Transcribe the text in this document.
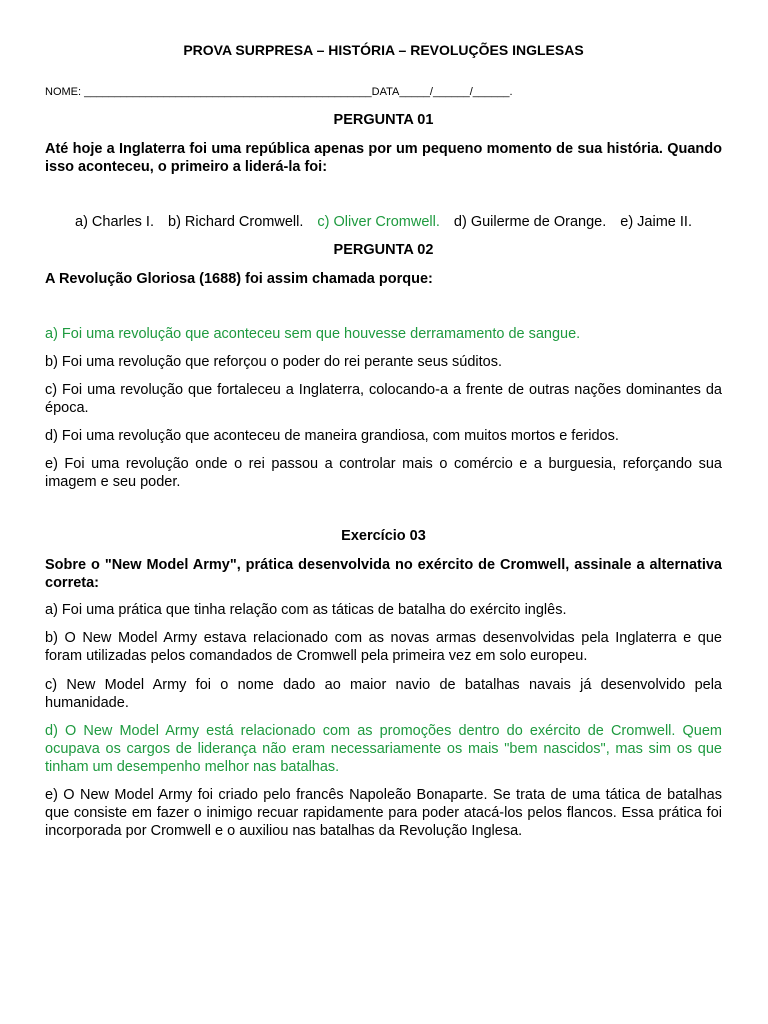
PROVA SURPRESA – HISTÓRIA – REVOLUÇÕES INGLESAS
NOME: _______________________________________________DATA_____/______/______.
PERGUNTA 01
Até hoje a Inglaterra foi uma república apenas por um pequeno momento de sua história. Quando isso aconteceu, o primeiro a liderá-la foi:
a) Charles I. b) Richard Cromwell. c) Oliver Cromwell. d) Guilerme de Orange. e) Jaime II.
PERGUNTA 02
A Revolução Gloriosa (1688) foi assim chamada porque:
a) Foi uma revolução que aconteceu sem que houvesse derramamento de sangue.
b) Foi uma revolução que reforçou o poder do rei perante seus súditos.
c) Foi uma revolução que fortaleceu a Inglaterra, colocando-a a frente de outras nações dominantes da época.
d) Foi uma revolução que aconteceu de maneira grandiosa, com muitos mortos e feridos.
e) Foi uma revolução onde o rei passou a controlar mais o comércio e a burguesia, reforçando sua imagem e seu poder.
Exercício 03
Sobre o "New Model Army", prática desenvolvida no exército de Cromwell, assinale a alternativa correta:
a) Foi uma prática que tinha relação com as táticas de batalha do exército inglês.
b) O New Model Army estava relacionado com as novas armas desenvolvidas pela Inglaterra e que foram utilizadas pelos comandados de Cromwell pela primeira vez em solo europeu.
c) New Model Army foi o nome dado ao maior navio de batalhas navais já desenvolvido pela humanidade.
d) O New Model Army está relacionado com as promoções dentro do exército de Cromwell. Quem ocupava os cargos de liderança não eram necessariamente os mais "bem nascidos", mas sim os que tinham um desempenho melhor nas batalhas.
e) O New Model Army foi criado pelo francês Napoleão Bonaparte. Se trata de uma tática de batalhas que consiste em fazer o inimigo recuar rapidamente para poder atacá-los pelos flancos. Essa prática foi incorporada por Cromwell e o auxiliou nas batalhas da Revolução Inglesa.
